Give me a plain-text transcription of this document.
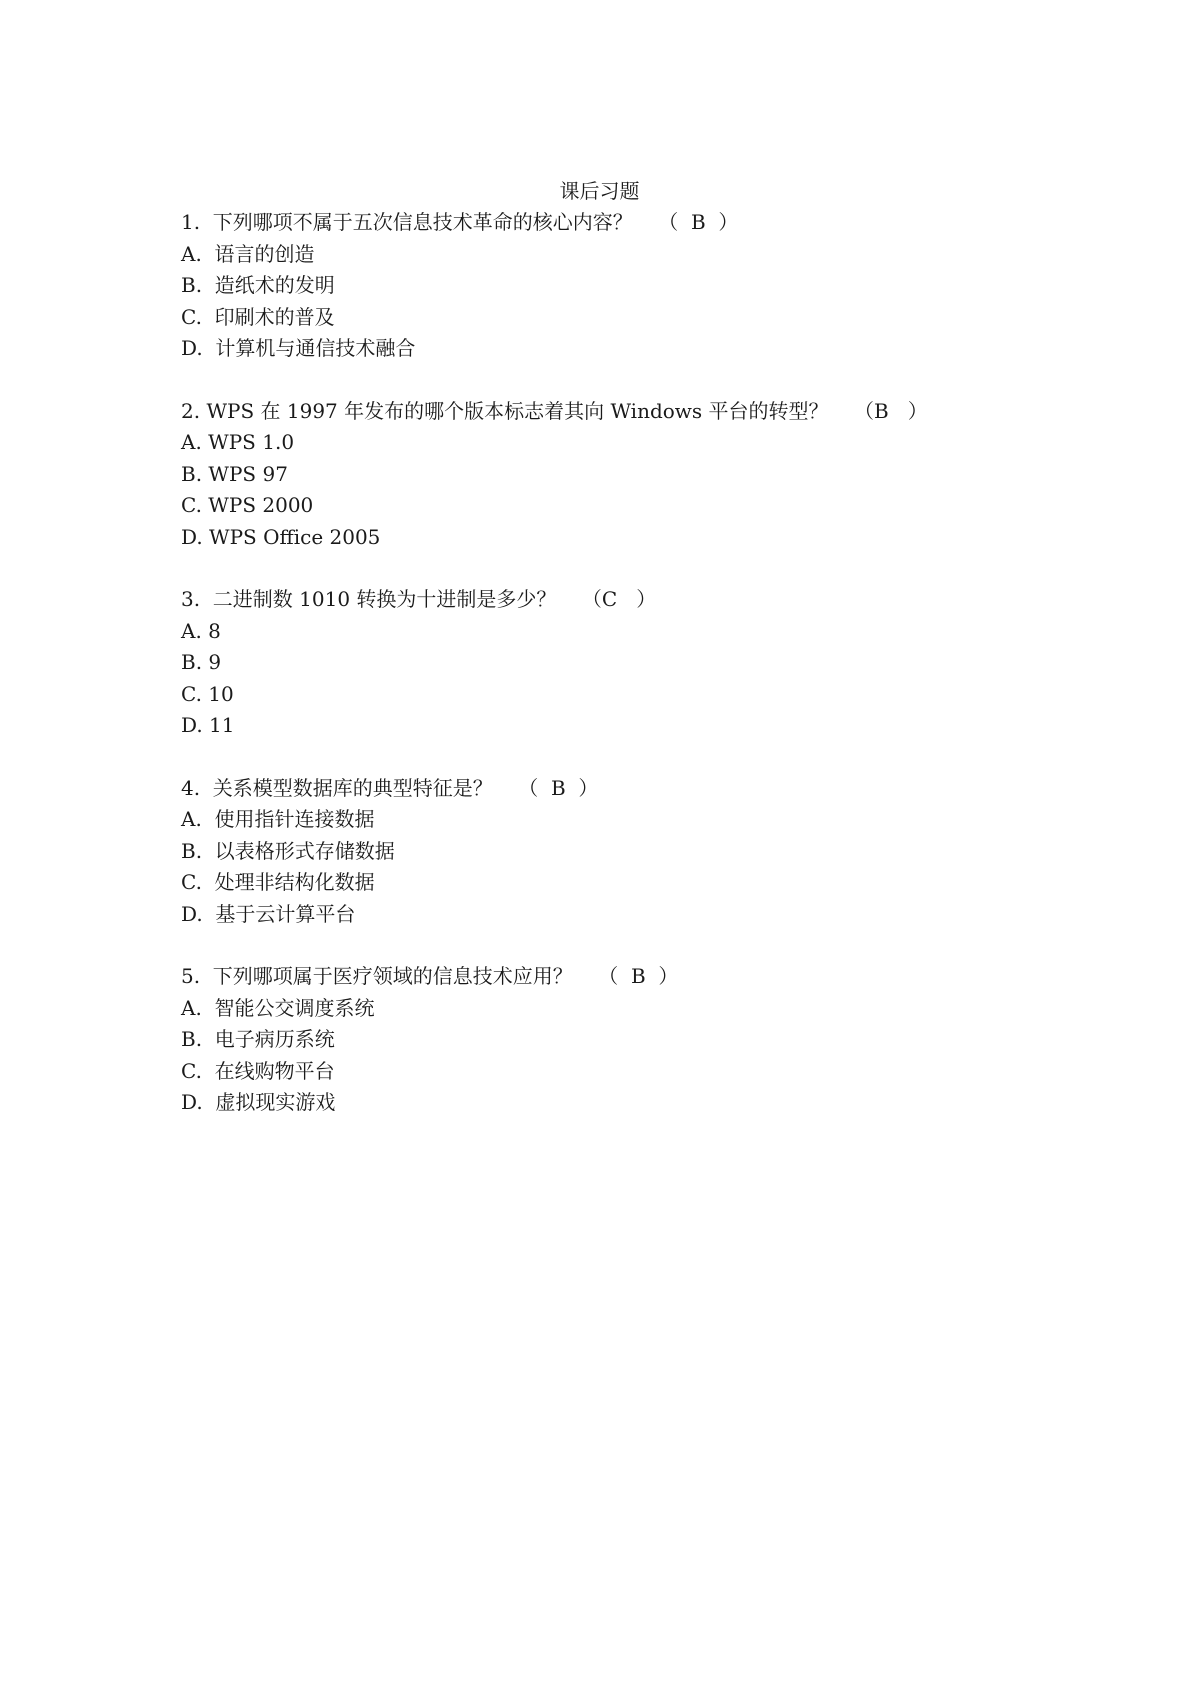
课后习题
1.  下列哪项不属于五次信息技术革命的核心内容？ （  B  ）
A.  语言的创造
B.  造纸术的发明
C.  印刷术的普及
D.  计算机与通信技术融合
2. WPS 在 1997 年发布的哪个版本标志着其向 Windows 平台的转型？ （B   ）
A. WPS 1.0
B. WPS 97
C. WPS 2000
D. WPS Office 2005
3.  二进制数 1010 转换为十进制是多少？ （C   ）
A. 8
B. 9
C. 10
D. 11
4.  关系模型数据库的典型特征是？ （  B  ）
A.  使用指针连接数据
B.  以表格形式存储数据
C.  处理非结构化数据
D.  基于云计算平台
5.  下列哪项属于医疗领域的信息技术应用？ （  B  ）
A.  智能公交调度系统
B.  电子病历系统
C.  在线购物平台
D.  虚拟现实游戏
